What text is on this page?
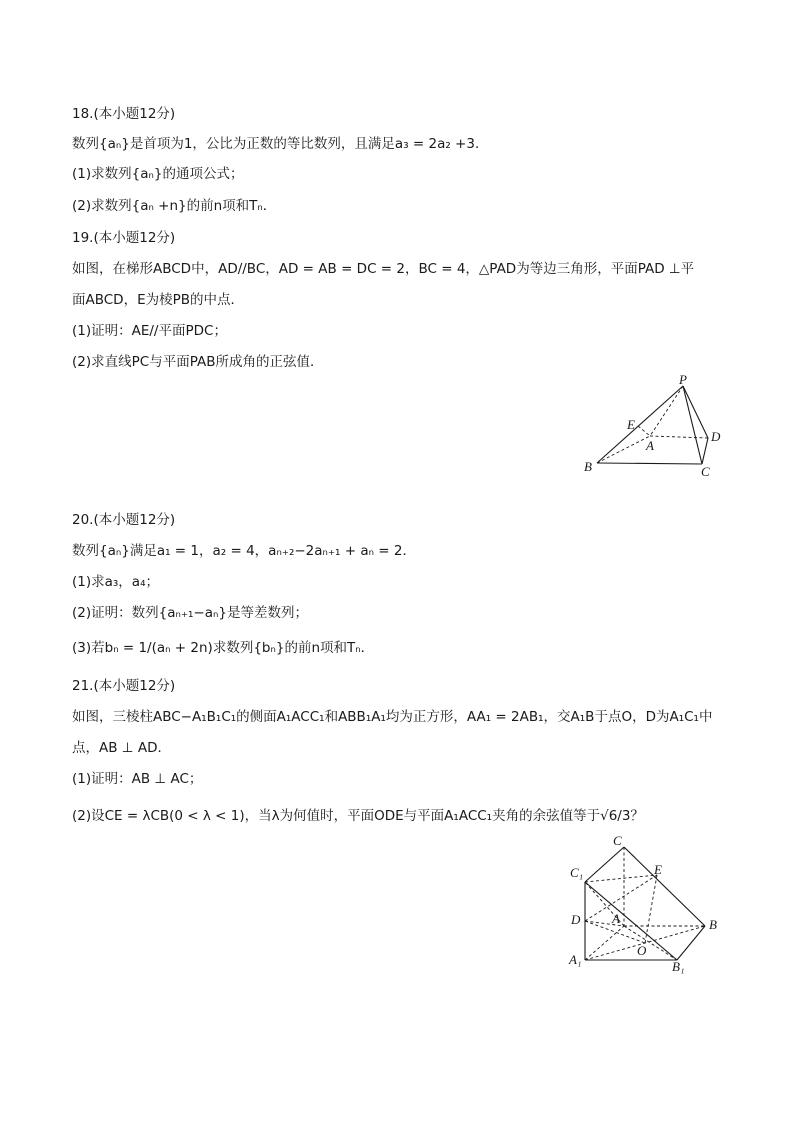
18.(本小题12分)
数列{aₙ}是首项为1，公比为正数的等比数列，且满足a₃ = 2a₂ +3．
(1)求数列{aₙ}的通项公式；
(2)求数列{aₙ +n}的前n项和Tₙ．
19.(本小题12分)
如图，在梯形ABCD中，AD//BC，AD = AB = DC = 2，BC = 4，△PAD为等边三角形，平面PAD ⊥平
面ABCD，E为棱PB的中点．
(1)证明：AE//平面PDC；
(2)求直线PC与平面PAB所成角的正弦值．
P
E
A
D
B	C
20.(本小题12分)
数列{aₙ}满足a₁ = 1，a₂ = 4，aₙ₊₂−2aₙ₊₁ + aₙ = 2．
(1)求a₃，a₄；
(2)证明：数列{aₙ₊₁−aₙ}是等差数列；
(3)若bₙ = 1/(aₙ + 2n)求数列{bₙ}的前n项和Tₙ．
21.(本小题12分)
如图，三棱柱ABC−A₁B₁C₁的侧面A₁ACC₁和ABB₁A₁均为正方形，AA₁ = 2AB₁，交A₁B于点O，D为A₁C₁中
点，AB ⊥ AD．
(1)证明：AB ⊥ AC；
(2)设CE = λCB(0 < λ < 1)，当λ为何值时，平面ODE与平面A₁ACC₁夹角的余弦值等于√6/3？
C
E
C₁
D A	B
O
A₁	B₁
